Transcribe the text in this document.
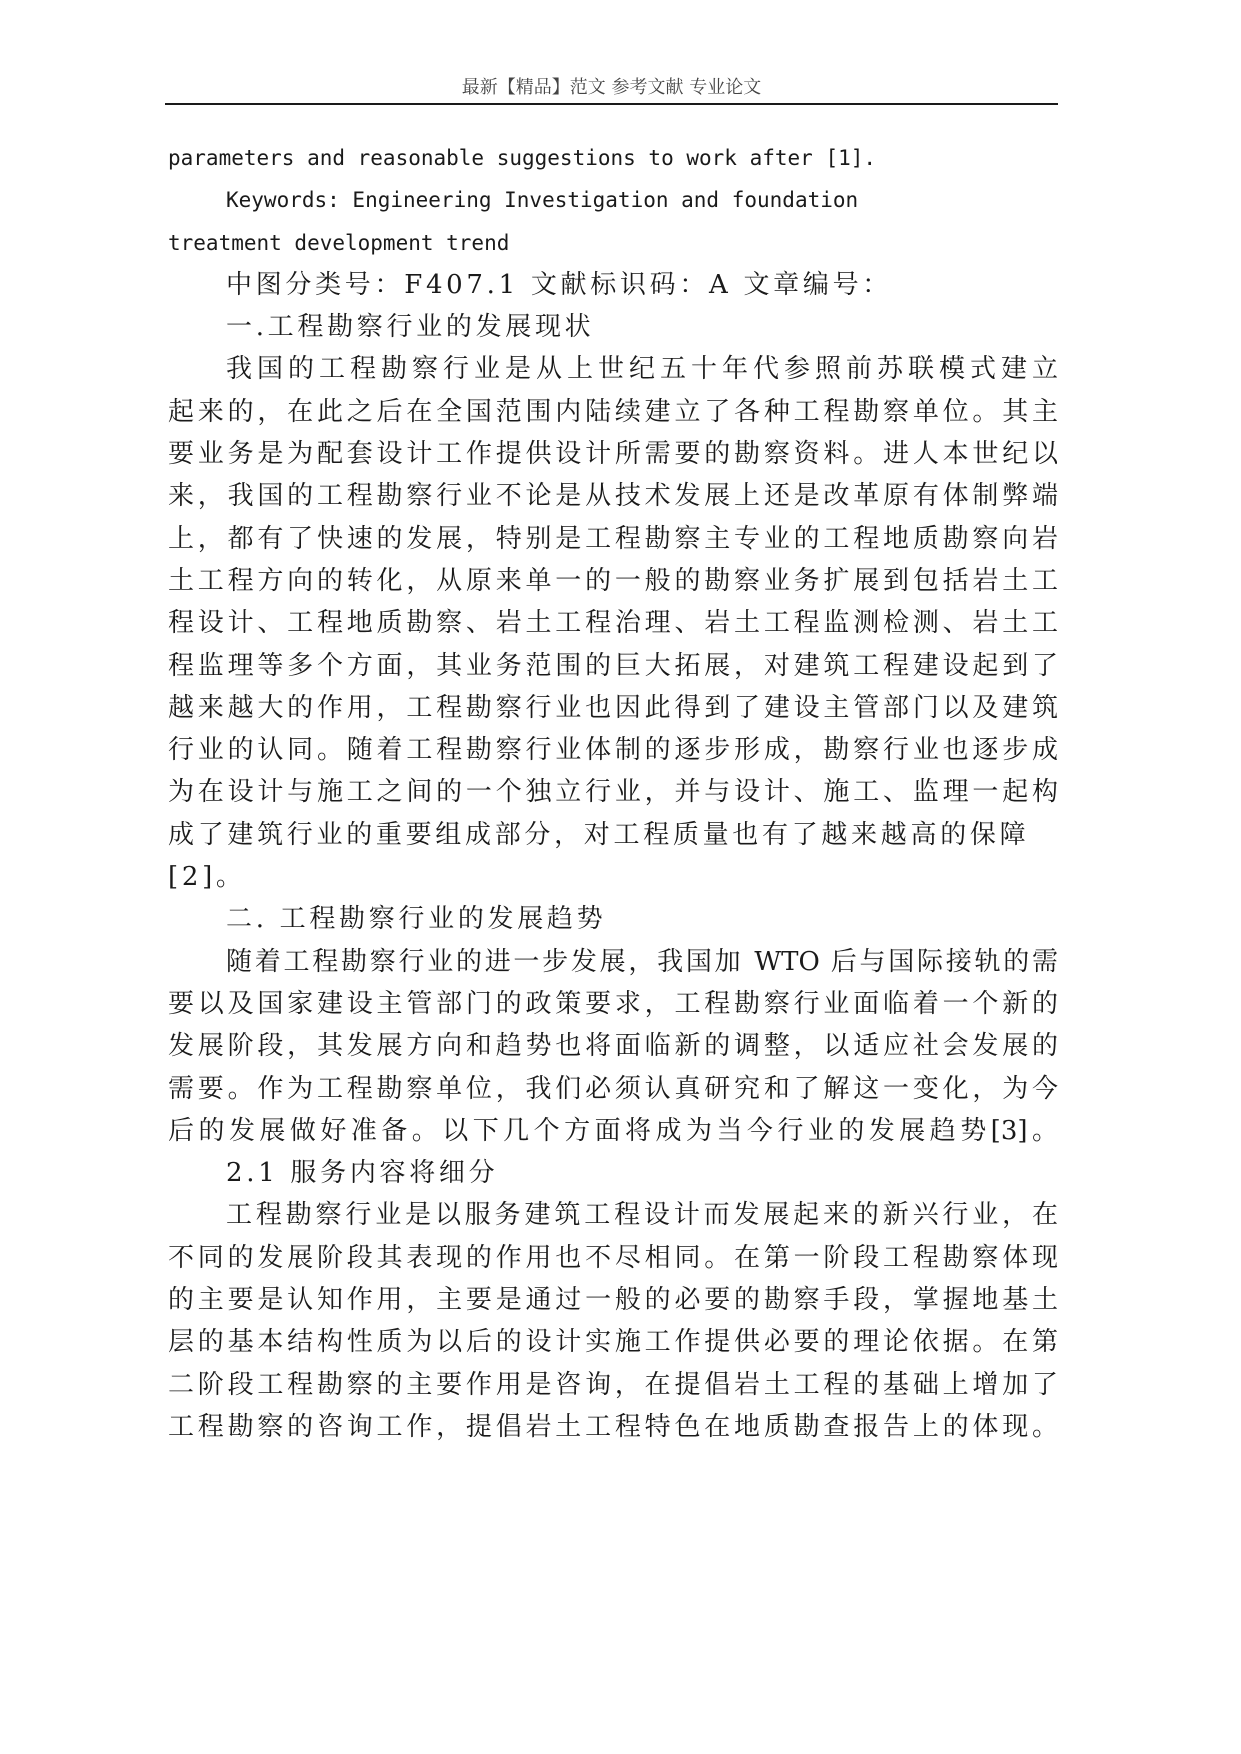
最新【精品】范文 参考文献 专业论文
parameters and reasonable suggestions to work after [1].
Keywords: Engineering Investigation and foundation
treatment development trend
中图分类号：F407.1 文献标识码：A 文章编号：
一.工程勘察行业的发展现状
我国的工程勘察行业是从上世纪五十年代参照前苏联模式建立
起来的，在此之后在全国范围内陆续建立了各种工程勘察单位。其主
要业务是为配套设计工作提供设计所需要的勘察资料。进人本世纪以
来，我国的工程勘察行业不论是从技术发展上还是改革原有体制弊端
上，都有了快速的发展，特别是工程勘察主专业的工程地质勘察向岩
土工程方向的转化，从原来单一的一般的勘察业务扩展到包括岩土工
程设计、工程地质勘察、岩土工程治理、岩土工程监测检测、岩土工
程监理等多个方面，其业务范围的巨大拓展，对建筑工程建设起到了
越来越大的作用，工程勘察行业也因此得到了建设主管部门以及建筑
行业的认同。随着工程勘察行业体制的逐步形成，勘察行业也逐步成
为在设计与施工之间的一个独立行业，并与设计、施工、监理一起构
成了建筑行业的重要组成部分，对工程质量也有了越来越高的保障
[2]。
二. 工程勘察行业的发展趋势
随着工程勘察行业的进一步发展，我国加 WTO 后与国际接轨的需
要以及国家建设主管部门的政策要求，工程勘察行业面临着一个新的
发展阶段，其发展方向和趋势也将面临新的调整，以适应社会发展的
需要。作为工程勘察单位，我们必须认真研究和了解这一变化，为今
后的发展做好准备。以下几个方面将成为当今行业的发展趋势[3]。
2.1 服务内容将细分
工程勘察行业是以服务建筑工程设计而发展起来的新兴行业，在
不同的发展阶段其表现的作用也不尽相同。在第一阶段工程勘察体现
的主要是认知作用，主要是通过一般的必要的勘察手段，掌握地基土
层的基本结构性质为以后的设计实施工作提供必要的理论依据。在第
二阶段工程勘察的主要作用是咨询，在提倡岩土工程的基础上增加了
工程勘察的咨询工作，提倡岩土工程特色在地质勘查报告上的体现。
